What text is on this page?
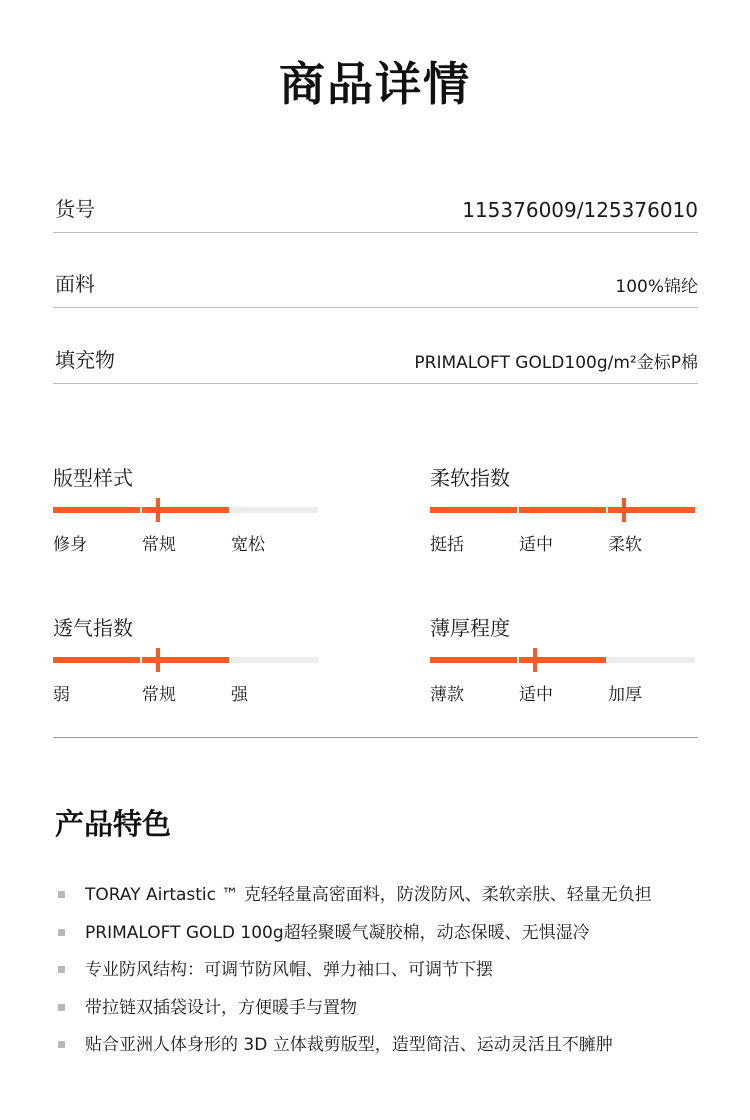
商品详情
货号	115376009/125376010
面料	100%锦纶
填充物	PRIMALOFT GOLD100g/m²金标P棉
版型样式
修身	常规	宽松
柔软指数
挺括	适中	柔软
透气指数
弱	常规	强
薄厚程度
薄款	适中	加厚
产品特色
TORAY Airtastic ™ 克轻轻量高密面料，防泼防风、柔软亲肤、轻量无负担
PRIMALOFT GOLD 100g超轻聚暖气凝胶棉，动态保暖、无惧湿冷
专业防风结构：可调节防风帽、弹力袖口、可调节下摆
带拉链双插袋设计，方便暖手与置物
贴合亚洲人体身形的 3D 立体裁剪版型，造型简洁、运动灵活且不臃肿
